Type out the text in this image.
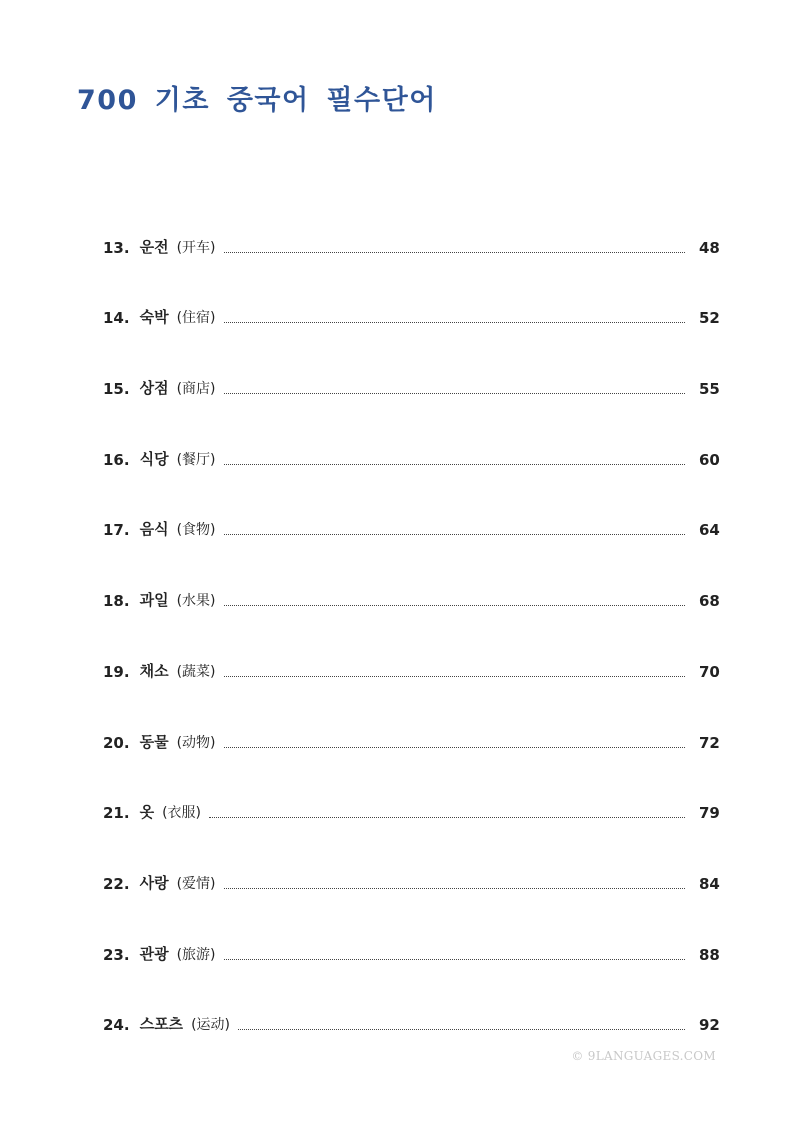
700 기초 중국어 필수단어
13. 운전 (开车)	48
14. 숙박 (住宿)	52
15. 상점 (商店)	55
16. 식당 (餐厅)	60
17. 음식 (食物)	64
18. 과일 (水果)	68
19. 채소 (蔬菜)	70
20. 동물 (动物)	72
21. 옷 (衣服)	79
22. 사랑 (爱情)	84
23. 관광 (旅游)	88
24. 스포츠 (运动)	92
© 9LANGUAGES.COM
